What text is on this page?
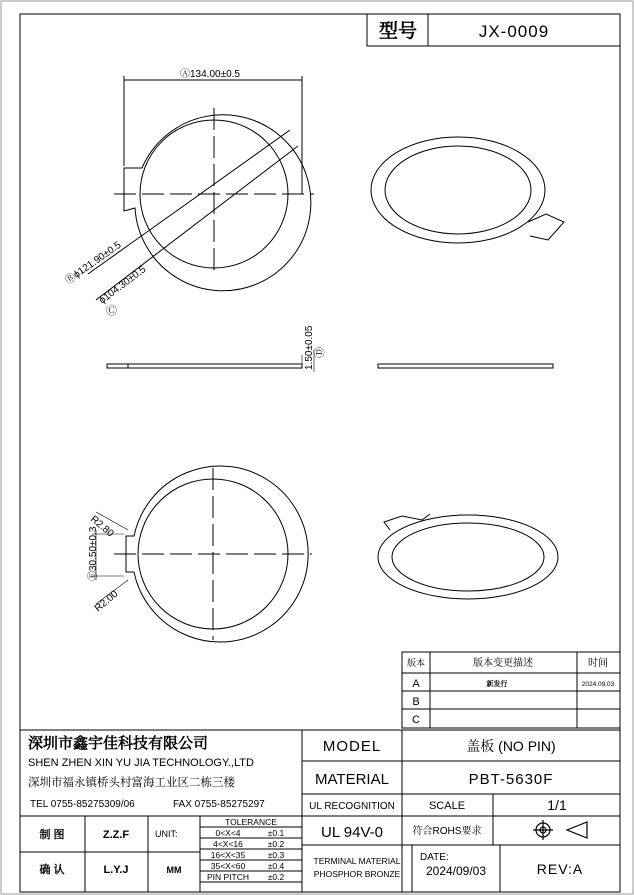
型号	JX-0009
Ⓐ134.00±0.5
Ⓑϕ121.90±0.5
ϕ104.30±0.5
Ⓒ
1.50±0.05 Ⓓ
R2.80
Ⓔ30.50±0.3
R2.00
版本	版本变更描述	时间
A	新发行	2024.09.03
B
C
深圳市鑫宇佳科技有限公司
SHEN ZHEN XIN YU JIA TECHNOLOGY.,LTD
深圳市福永镇桥头村富海工业区二栋三楼
TEL 0755-85275309/06	FAX 0755-85275297
制 图	Z.Z.F
确 认	L.Y.J
UNIT:
MM
TOLERANCE
0<X<4	±0.1
4<X<16	±0.2
16<X<35	±0.3
35<X<60	±0.4
PIN PITCH ±0.2
MODEL	盖板 (NO PIN)
MATERIAL	PBT-5630F
UL RECOGNITION	SCALE	1/1
UL 94V-0	符合ROHS要求
TERMINAL MATERIAL
PHOSPHOR BRONZE
DATE:
2024/09/03	REV:A
